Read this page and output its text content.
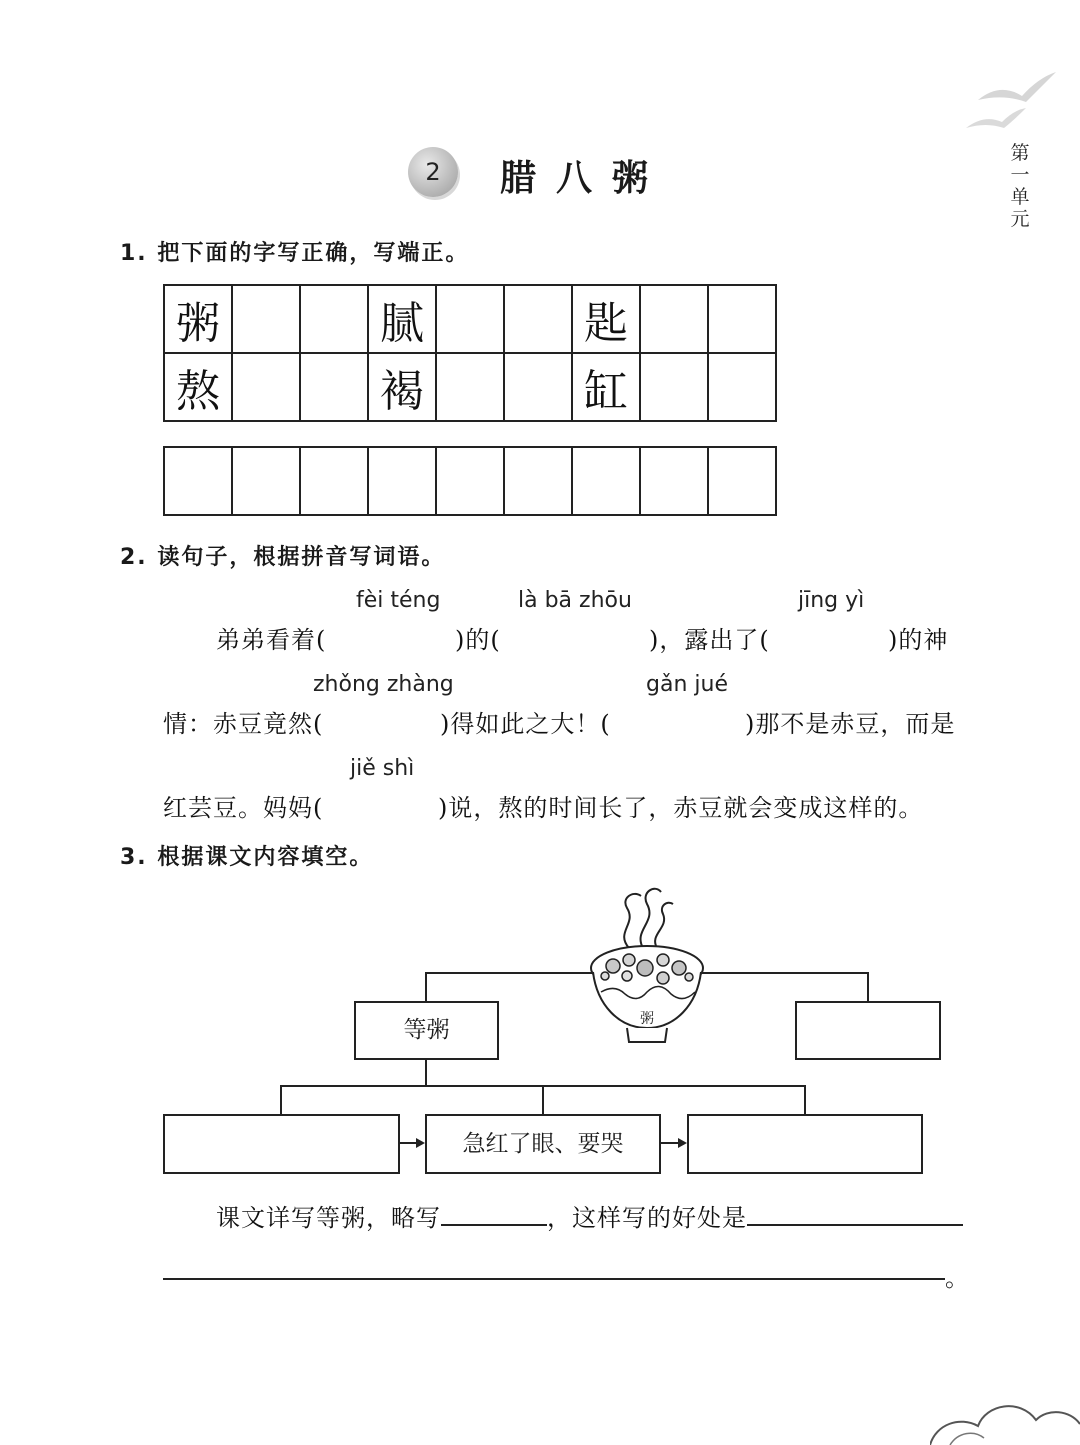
2	腊八粥
第一单元
1. 把下面的字写正确，写端正。
粥			腻			匙		
熬			褐			缸		

2. 读句子，根据拼音写词语。
fèi téng	là bā zhōu	jīng yì
弟弟看着(	)的(	)，露出了(	)的神
zhǒng zhàng	gǎn jué
情：赤豆竟然(	)得如此之大！(	)那不是赤豆，而是
jiě shì
红芸豆。妈妈(	)说，熬的时间长了，赤豆就会变成这样的。
3. 根据课文内容填空。
等粥
急红了眼、要哭
粥
课文详写等粥，略写	，这样写的好处是
。
